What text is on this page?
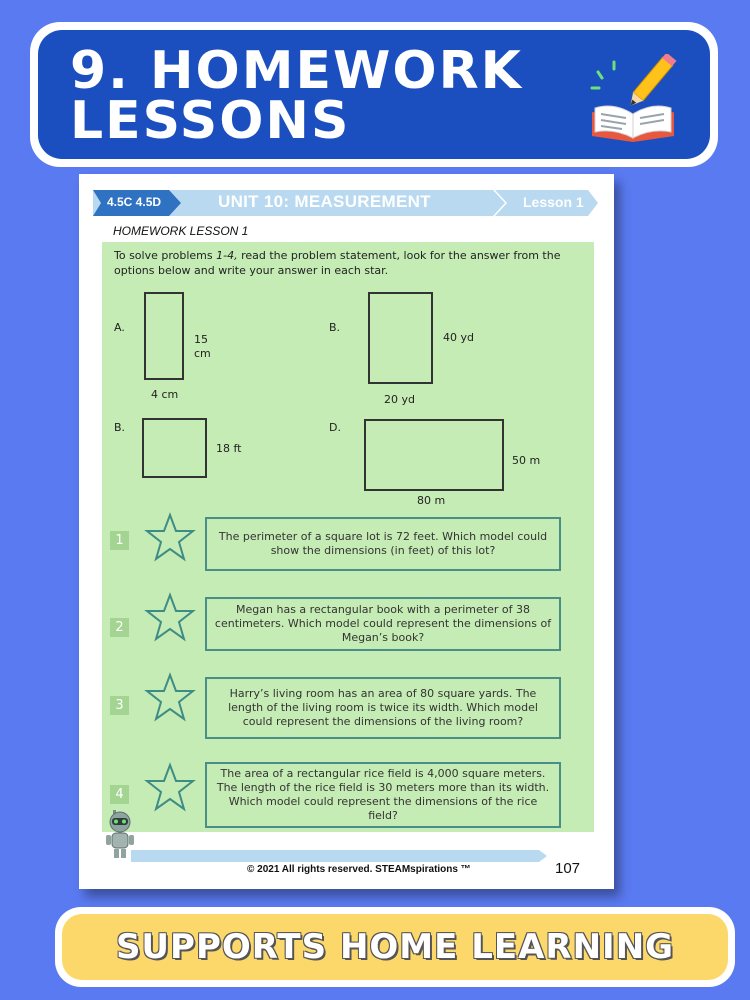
9. HOMEWORK
LESSONS
4.5C 4.5D	UNIT 10: MEASUREMENT	Lesson 1
HOMEWORK LESSON 1
To solve problems 1-4, read the problem statement, look for the answer from the options below and write your answer in each star.
A.
15 cm
4 cm
B.
40 yd
20 yd
B.
18 ft
D.
50 m
80 m
1	The perimeter of a square lot is 72 feet. Which model could show the dimensions (in feet) of this lot?
2
Megan has a rectangular book with a perimeter of 38 centimeters. Which model could represent the dimensions of Megan’s book?
3
Harry’s living room has an area of 80 square yards. The length of the living room is twice its width. Which model could represent the dimensions of the living room?
4
The area of a rectangular rice field is 4,000 square meters. The length of the rice field is 30 meters more than its width. Which model could represent the dimensions of the rice field?
© 2021 All rights reserved. STEAMspirations ™	107
SUPPORTS HOME LEARNING
